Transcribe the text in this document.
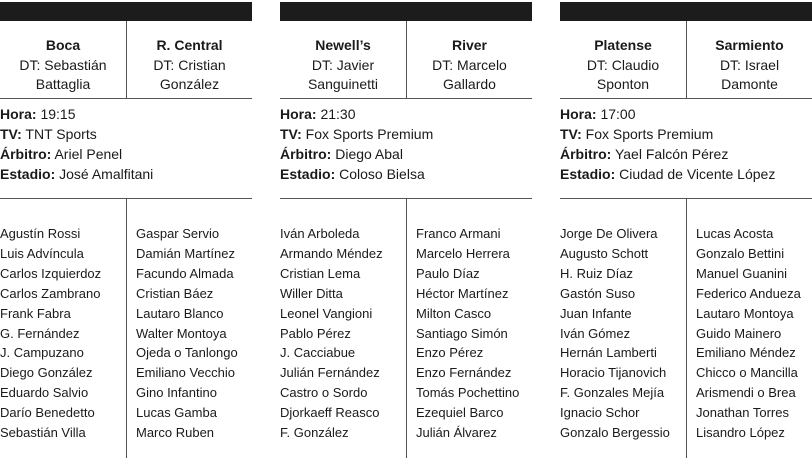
Boca
DT: Sebastián
Battaglia
R. Central
DT: Cristian
González
Hora: 19:15
TV: TNT Sports
Árbitro: Ariel Penel
Estadio: José Amalfitani
Agustín Rossi
Luis Advíncula
Carlos Izquierdoz
Carlos Zambrano
Frank Fabra
G. Fernández
J. Campuzano
Diego González
Eduardo Salvio
Darío Benedetto
Sebastián Villa
Gaspar Servio
Damián Martínez
Facundo Almada
Cristian Báez
Lautaro Blanco
Walter Montoya
Ojeda o Tanlongo
Emiliano Vecchio
Gino Infantino
Lucas Gamba
Marco Ruben
Newell’s
DT: Javier
Sanguinetti
River
DT: Marcelo
Gallardo
Hora: 21:30
TV: Fox Sports Premium
Árbitro: Diego Abal
Estadio: Coloso Bielsa
Iván Arboleda
Armando Méndez
Cristian Lema
Willer Ditta
Leonel Vangioni
Pablo Pérez
J. Cacciabue
Julián Fernández
Castro o Sordo
Djorkaeff Reasco
F. González
Franco Armani
Marcelo Herrera
Paulo Díaz
Héctor Martínez
Milton Casco
Santiago Simón
Enzo Pérez
Enzo Fernández
Tomás Pochettino
Ezequiel Barco
Julián Álvarez
Platense
DT: Claudio
Sponton
Sarmiento
DT: Israel
Damonte
Hora: 17:00
TV: Fox Sports Premium
Árbitro: Yael Falcón Pérez
Estadio: Ciudad de Vicente López
Jorge De Olivera
Augusto Schott
H. Ruiz Díaz
Gastón Suso
Juan Infante
Iván Gómez
Hernán Lamberti
Horacio Tijanovich
F. Gonzales Mejía
Ignacio Schor
Gonzalo Bergessio
Lucas Acosta
Gonzalo Bettini
Manuel Guanini
Federico Andueza
Lautaro Montoya
Guido Mainero
Emiliano Méndez
Chicco o Mancilla
Arismendi o Brea
Jonathan Torres
Lisandro López
